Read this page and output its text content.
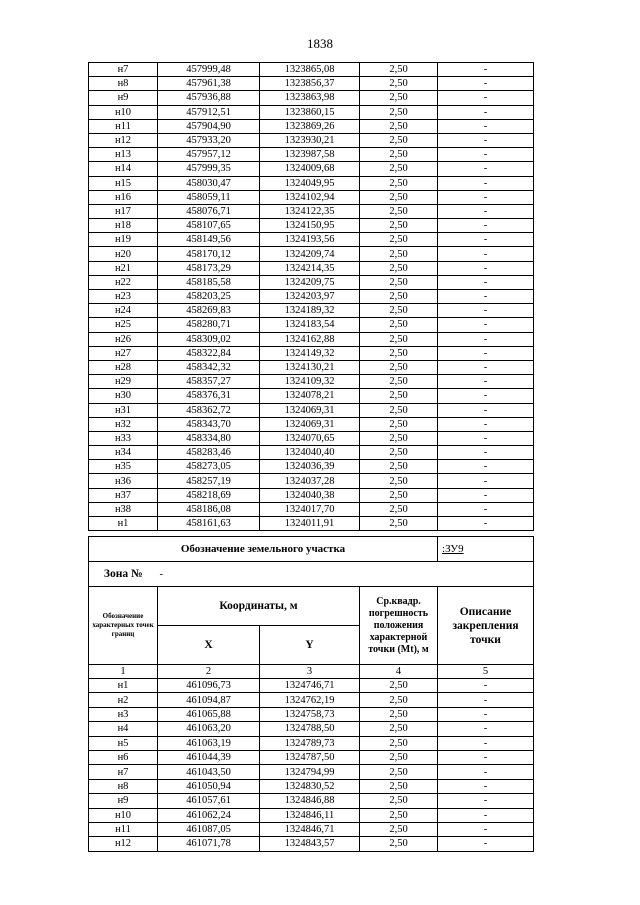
1838
н7	457999,48	1323865,08	2,50	-
н8	457961,38	1323856,37	2,50	-
н9	457936,88	1323863,98	2,50	-
н10	457912,51	1323860,15	2,50	-
н11	457904,90	1323869,26	2,50	-
н12	457933,20	1323930,21	2,50	-
н13	457957,12	1323987,58	2,50	-
н14	457999,35	1324009,68	2,50	-
н15	458030,47	1324049,95	2,50	-
н16	458059,11	1324102,94	2,50	-
н17	458076,71	1324122,35	2,50	-
н18	458107,65	1324150,95	2,50	-
н19	458149,56	1324193,56	2,50	-
н20	458170,12	1324209,74	2,50	-
н21	458173,29	1324214,35	2,50	-
н22	458185,58	1324209,75	2,50	-
н23	458203,25	1324203,97	2,50	-
н24	458269,83	1324189,32	2,50	-
н25	458280,71	1324183,54	2,50	-
н26	458309,02	1324162,88	2,50	-
н27	458322,84	1324149,32	2,50	-
н28	458342,32	1324130,21	2,50	-
н29	458357,27	1324109,32	2,50	-
н30	458376,31	1324078,21	2,50	-
н31	458362,72	1324069,31	2,50	-
н32	458343,70	1324069,31	2,50	-
н33	458334,80	1324070,65	2,50	-
н34	458283,46	1324040,40	2,50	-
н35	458273,05	1324036,39	2,50	-
н36	458257,19	1324037,28	2,50	-
н37	458218,69	1324040,38	2,50	-
н38	458186,08	1324017,70	2,50	-
н1	458161,63	1324011,91	2,50	-
Обозначение земельного участка				:ЗУ9
Зона №	-			
Обозначение характерных точек границ	Координаты, м		Ср.квадр. погрешность положения характерной точки (Мt), м	Описание закрепления точки
	X	Y		
1	2	3	4	5
н1	461096,73	1324746,71	2,50	-
н2	461094,87	1324762,19	2,50	-
н3	461065,88	1324758,73	2,50	-
н4	461063,20	1324788,50	2,50	-
н5	461063,19	1324789,73	2,50	-
н6	461044,39	1324787,50	2,50	-
н7	461043,50	1324794,99	2,50	-
н8	461050,94	1324830,52	2,50	-
н9	461057,61	1324846,88	2,50	-
н10	461062,24	1324846,11	2,50	-
н11	461087,05	1324846,71	2,50	-
н12	461071,78	1324843,57	2,50	-
